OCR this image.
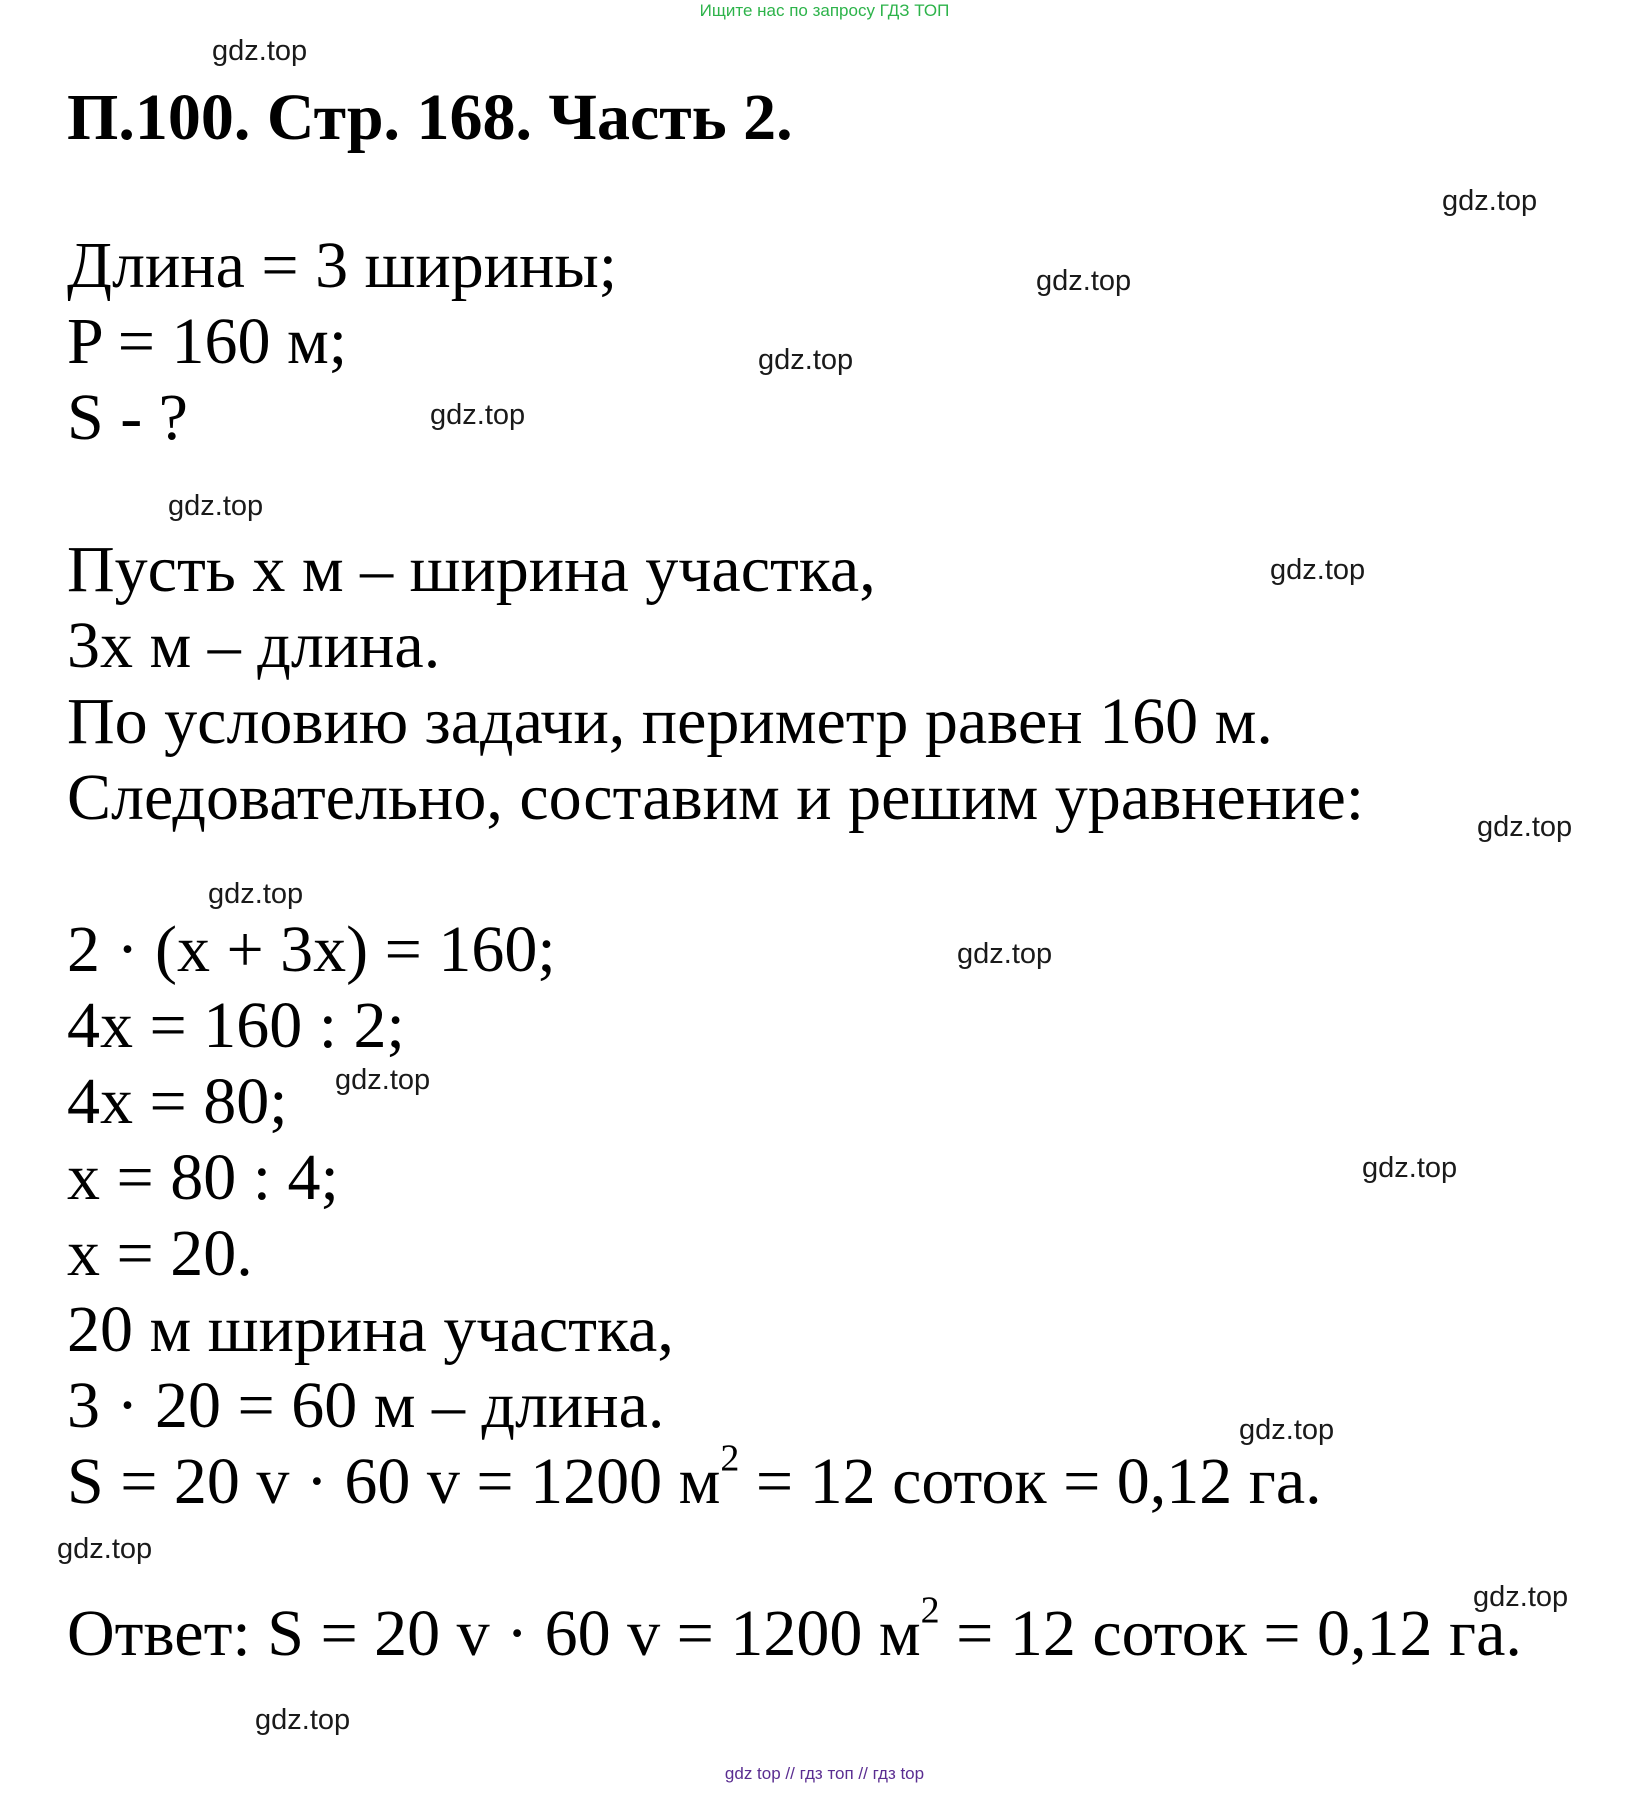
Ищите нас по запросу ГДЗ ТОП
П.100. Стр. 168. Часть 2.
Длина = 3 ширины;
P = 160 м;
S - ?
Пусть х м – ширина участка,
3х м – длина.
По условию задачи, периметр равен 160 м.
Следовательно, составим и решим уравнение:
2 · (х + 3х) = 160;
4х = 160 : 2;
4х = 80;
х = 80 : 4;
х = 20.
20 м ширина участка,
3 · 20 = 60 м – длина.
S = 20 v · 60 v = 1200 $м^2 = 12$ соток = 0,12 га.
Ответ: S = 20 v · 60 v = 1200 $м^2 = 12$ соток = 0,12 га.
gdz.top
gdz.top
gdz.top
gdz.top
gdz.top
gdz.top
gdz.top
gdz.top
gdz.top
gdz.top
gdz.top
gdz.top
gdz.top
gdz.top
gdz.top
gdz.top
gdz top // гдз топ // гдз top
